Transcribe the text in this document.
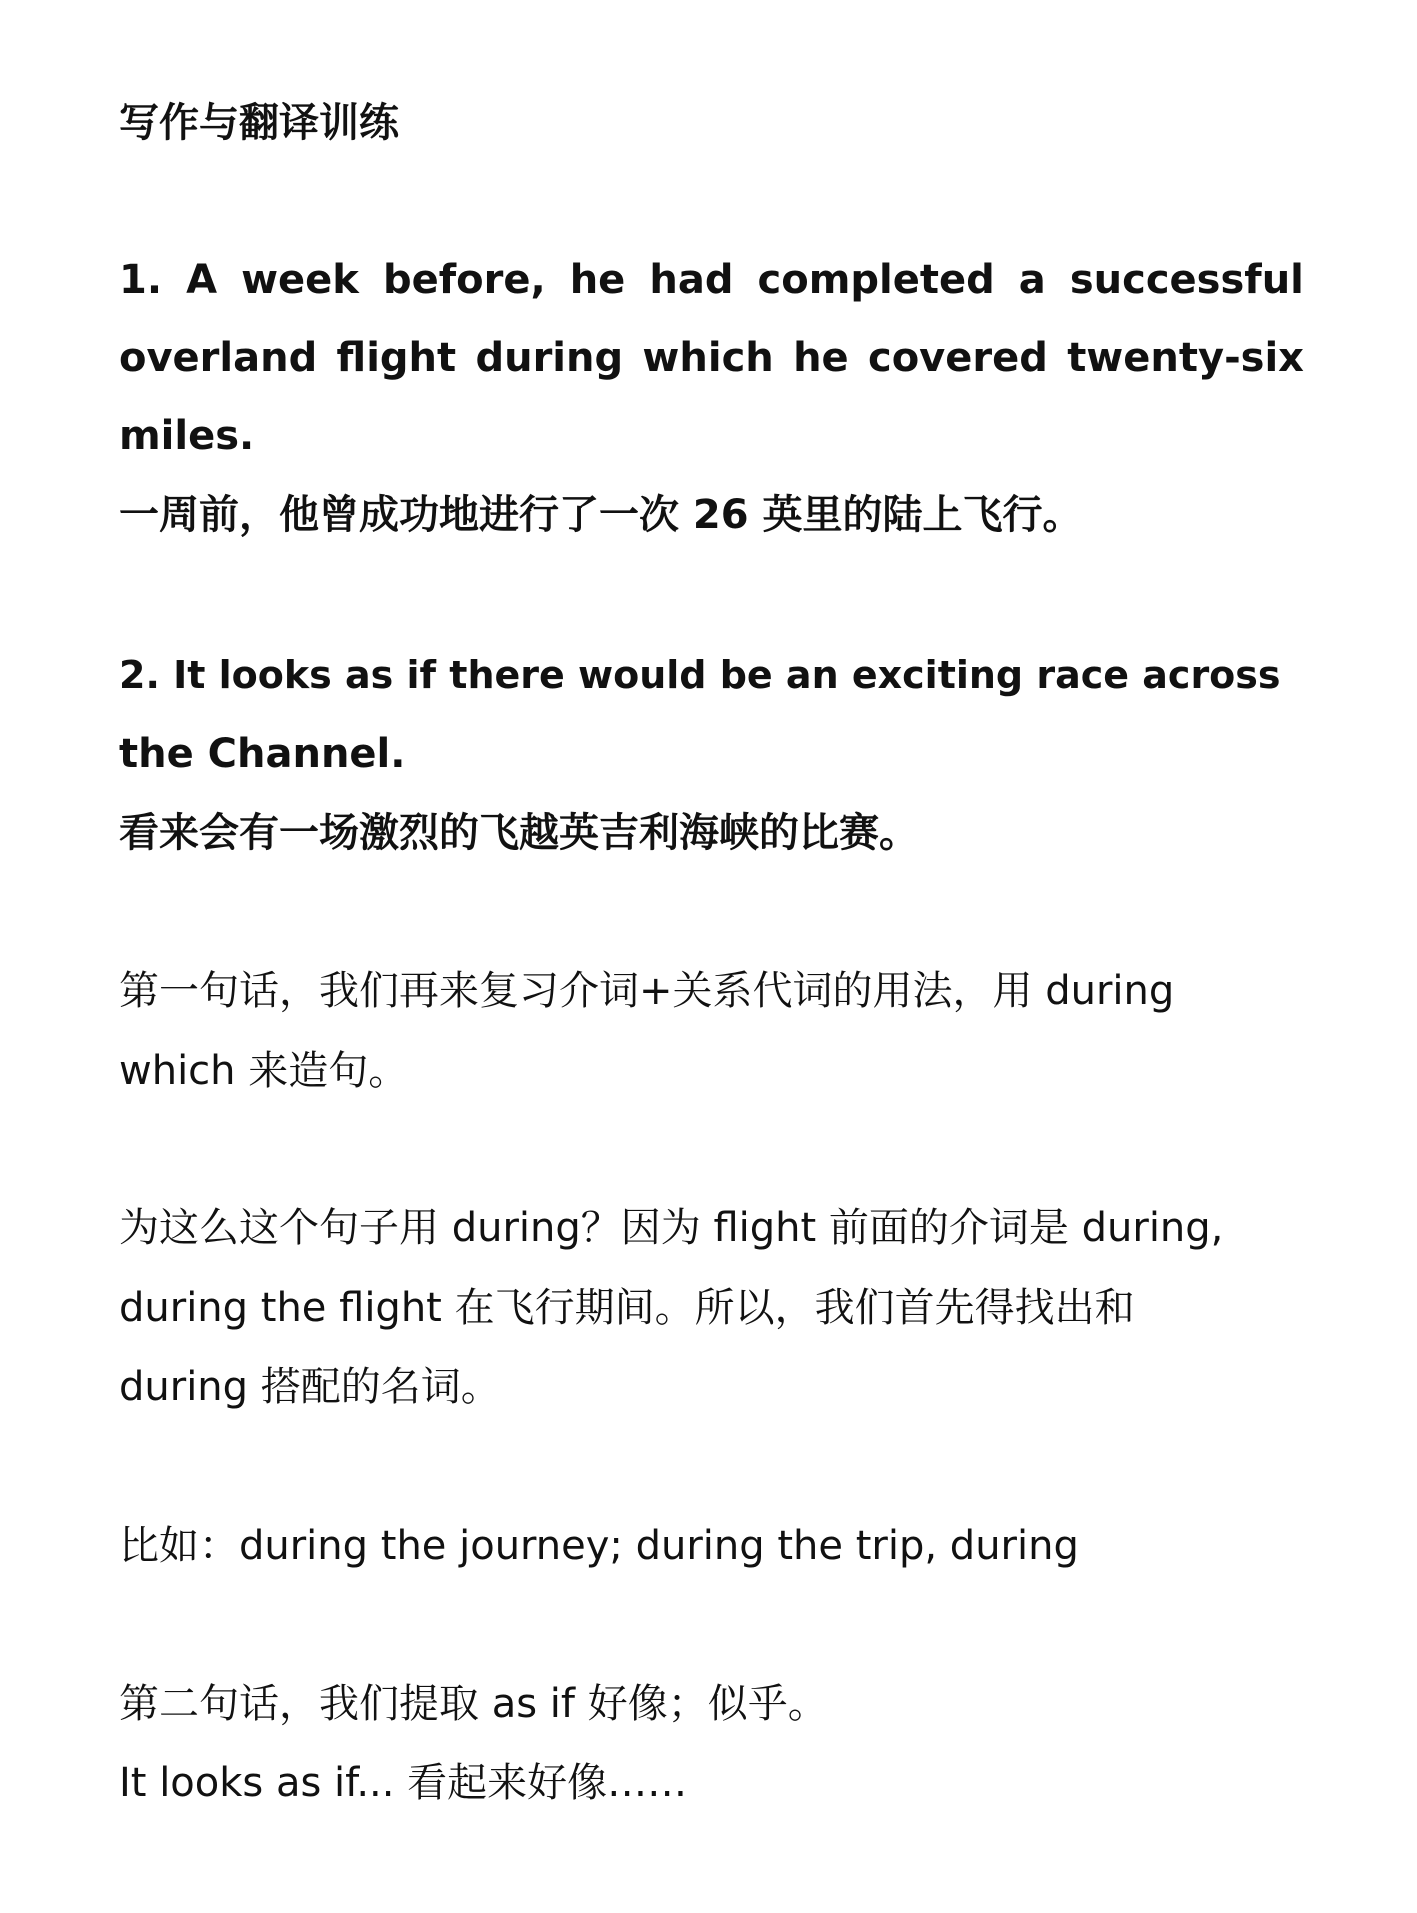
写作与翻译训练
1. A week before, he had completed a successful
overland flight during which he covered twenty-six
miles.
一周前，他曾成功地进行了一次 26 英里的陆上飞行。
2. It looks as if there would be an exciting race across
the Channel.
看来会有一场激烈的飞越英吉利海峡的比赛。
第一句话，我们再来复习介词+关系代词的用法，用 during
which 来造句。
为这么这个句子用 during？因为 flight 前面的介词是 during,
during the flight 在飞行期间。所以，我们首先得找出和
during 搭配的名词。
比如：during the journey; during the trip, during
第二句话，我们提取 as if 好像；似乎。
It looks as if... 看起来好像……
